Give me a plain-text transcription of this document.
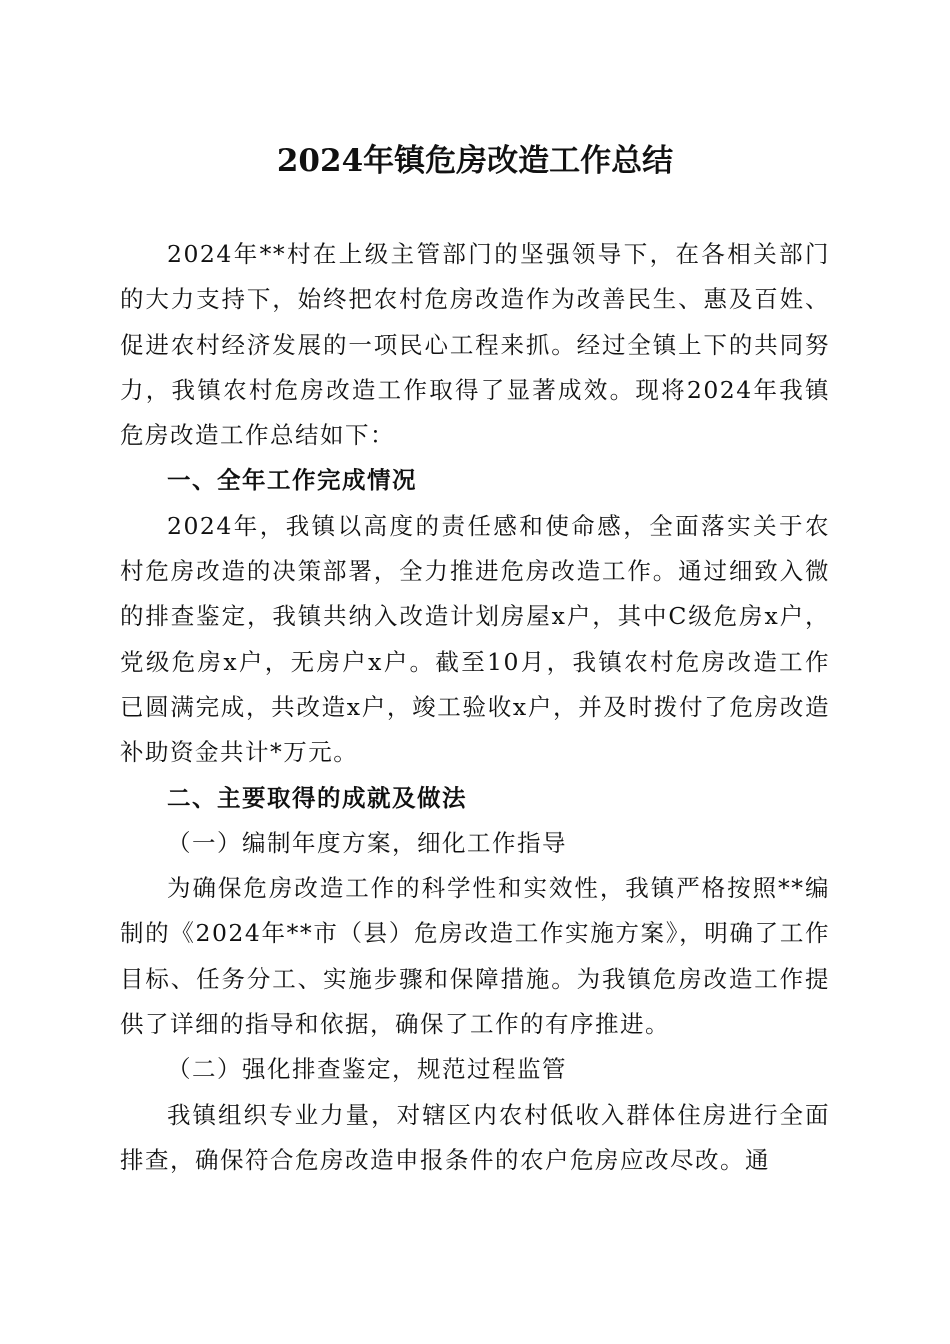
2024年镇危房改造工作总结

2024年**村在上级主管部门的坚强领导下，在各相关部门的大力支持下，始终把农村危房改造作为改善民生、惠及百姓、促进农村经济发展的一项民心工程来抓。经过全镇上下的共同努力，我镇农村危房改造工作取得了显著成效。现将2024年我镇危房改造工作总结如下：

一、全年工作完成情况

2024年，我镇以高度的责任感和使命感，全面落实关于农村危房改造的决策部署，全力推进危房改造工作。通过细致入微的排查鉴定，我镇共纳入改造计划房屋x户，其中C级危房x户，党级危房x户，无房户x户。截至10月，我镇农村危房改造工作已圆满完成，共改造x户，竣工验收x户，并及时拨付了危房改造补助资金共计*万元。

二、主要取得的成就及做法
（一）编制年度方案，细化工作指导

为确保危房改造工作的科学性和实效性，我镇严格按照**编制的《2024年**市（县）危房改造工作实施方案》，明确了工作目标、任务分工、实施步骤和保障措施。为我镇危房改造工作提供了详细的指导和依据，确保了工作的有序推进。

（二）强化排查鉴定，规范过程监管

我镇组织专业力量，对辖区内农村低收入群体住房进行全面排查，确保符合危房改造申报条件的农户危房应改尽改。通
